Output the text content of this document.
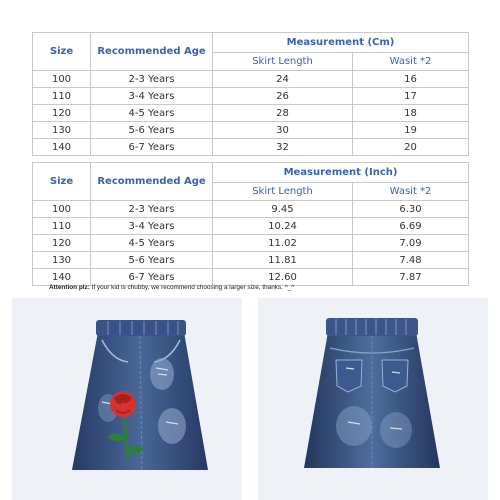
Size	Recommended Age	Measurement (Cm)	
		Skirt Length	Wasit *2
100	2-3 Years	24	16
110	3-4 Years	26	17
120	4-5 Years	28	18
130	5-6 Years	30	19
140	6-7 Years	32	20
Size	Recommended Age	Measurement (Inch)	
		Skirt Length	Wasit *2
100	2-3 Years	9.45	6.30
110	3-4 Years	10.24	6.69
120	4-5 Years	11.02	7.09
130	5-6 Years	11.81	7.48
140	6-7 Years	12.60	7.87
Attention plz: If your kid is chubby, we recommend choosing a larger size, thanks. ^_^
